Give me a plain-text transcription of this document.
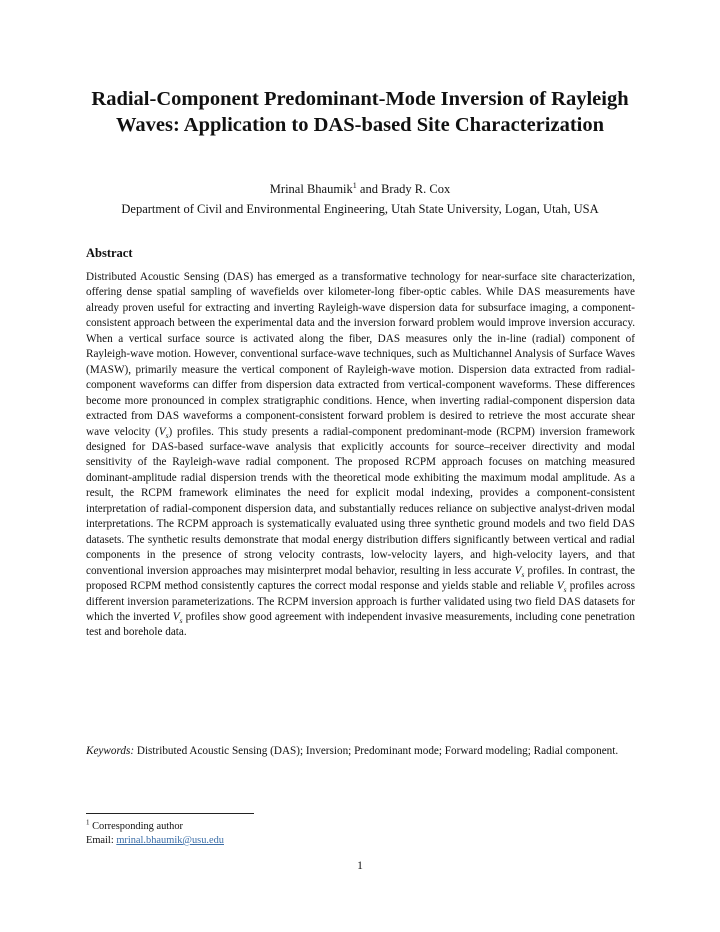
Radial-Component Predominant-Mode Inversion of Rayleigh Waves: Application to DAS-based Site Characterization
Mrinal Bhaumik$^1$ and Brady R. Cox
Department of Civil and Environmental Engineering, Utah State University, Logan, Utah, USA
Abstract

Distributed Acoustic Sensing (DAS) has emerged as a transformative technology for near-surface site characterization, offering dense spatial sampling of wavefields over kilometer-long fiber-optic cables. While DAS measurements have already proven useful for extracting and inverting Rayleigh-wave dispersion data for subsurface imaging, a component-consistent approach between the experimental data and the inversion forward problem would improve inversion accuracy. When a vertical surface source is activated along the fiber, DAS measures only the in-line (radial) component of Rayleigh-wave motion. However, conventional surface-wave techniques, such as Multichannel Analysis of Surface Waves (MASW), primarily measure the vertical component of Rayleigh-wave motion. Dispersion data extracted from radial-component waveforms can differ from dispersion data extracted from vertical-component waveforms. These differences become more pronounced in complex stratigraphic conditions. Hence, when inverting radial-component dispersion data extracted from DAS waveforms a component-consistent forward problem is desired to retrieve the most accurate shear wave velocity $(V_s)$ profiles. This study presents a radial-component predominant-mode (RCPM) inversion framework designed for DAS-based surface-wave analysis that explicitly accounts for source–receiver directivity and modal sensitivity of the Rayleigh-wave radial component. The proposed RCPM approach focuses on matching measured dominant-amplitude radial dispersion trends with the theoretical mode exhibiting the maximum modal amplitude. As a result, the RCPM framework eliminates the need for explicit modal indexing, provides a component-consistent interpretation of radial-component dispersion data, and substantially reduces reliance on subjective analyst-driven modal interpretations. The RCPM approach is systematically evaluated using three synthetic ground models and two field DAS datasets. The synthetic results demonstrate that modal energy distribution differs significantly between vertical and radial components in the presence of strong velocity contrasts, low-velocity layers, and high-velocity layers, and that conventional inversion approaches may misinterpret modal behavior, resulting in less accurate $V_s$ profiles. In contrast, the proposed RCPM method consistently captures the correct modal response and yields stable and reliable $V_s$ profiles across different inversion parameterizations. The RCPM inversion approach is further validated using two field DAS datasets for which the inverted $V_s$ profiles show good agreement with independent invasive measurements, including cone penetration test and borehole data.

Keywords: Distributed Acoustic Sensing (DAS); Inversion; Predominant mode; Forward modeling; Radial component.

$^1$ Corresponding author
Email: mrinal.bhaumik@usu.edu
1
